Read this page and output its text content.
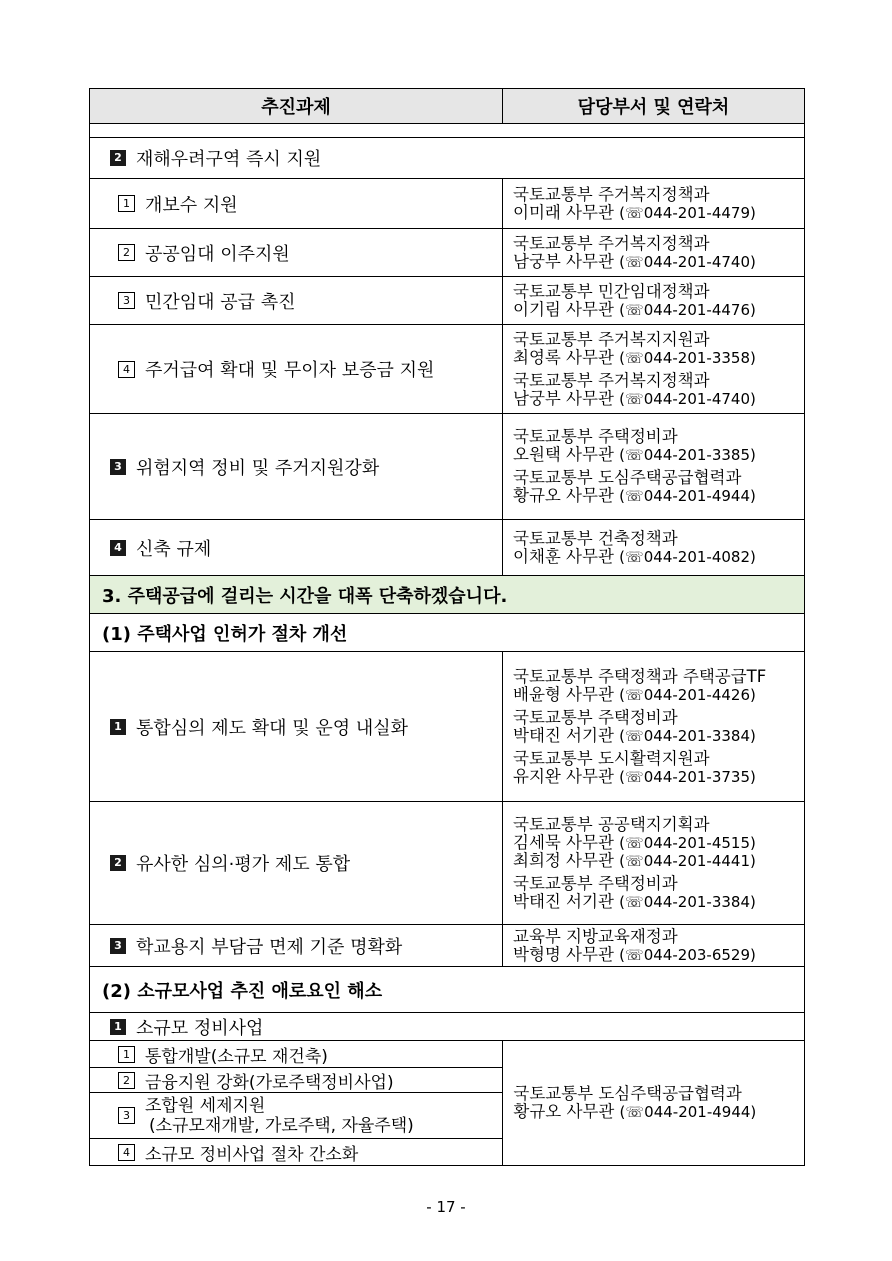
추진과제	담당부서 및 연락처
2 재해우려구역 즉시 지원
1 개보수 지원
국토교통부 주거복지정책과
이미래 사무관 (☏044-201-4479)
2 공공임대 이주지원
국토교통부 주거복지정책과
남궁부 사무관 (☏044-201-4740)
3 민간임대 공급 촉진
국토교통부 민간임대정책과
이기림 사무관 (☏044-201-4476)
4 주거급여 확대 및 무이자 보증금 지원
국토교통부 주거복지지원과
최영록 사무관 (☏044-201-3358)
국토교통부 주거복지정책과
남궁부 사무관 (☏044-201-4740)
3 위험지역 정비 및 주거지원강화
국토교통부 주택정비과
오원택 사무관 (☏044-201-3385)
국토교통부 도심주택공급협력과
황규오 사무관 (☏044-201-4944)
4 신축 규제
국토교통부 건축정책과
이채훈 사무관 (☏044-201-4082)
3. 주택공급에 걸리는 시간을 대폭 단축하겠습니다.
(1) 주택사업 인허가 절차 개선
1 통합심의 제도 확대 및 운영 내실화
국토교통부 주택정책과 주택공급TF
배윤형 사무관 (☏044-201-4426)
국토교통부 주택정비과
박태진 서기관 (☏044-201-3384)
국토교통부 도시활력지원과
유지완 사무관 (☏044-201-3735)
2 유사한 심의·평가 제도 통합
국토교통부 공공택지기획과
김세묵 사무관 (☏044-201-4515)
최희정 사무관 (☏044-201-4441)
국토교통부 주택정비과
박태진 서기관 (☏044-201-3384)
3 학교용지 부담금 면제 기준 명확화
교육부 지방교육재정과
박형명 사무관 (☏044-203-6529)
(2) 소규모사업 추진 애로요인 해소
1 소규모 정비사업
1 통합개발(소규모 재건축)
2 금융지원 강화(가로주택정비사업)
3 조합원 세제지원
(소규모재개발, 가로주택, 자율주택)
4 소규모 정비사업 절차 간소화
국토교통부 도심주택공급협력과
황규오 사무관 (☏044-201-4944)
- 17 -
